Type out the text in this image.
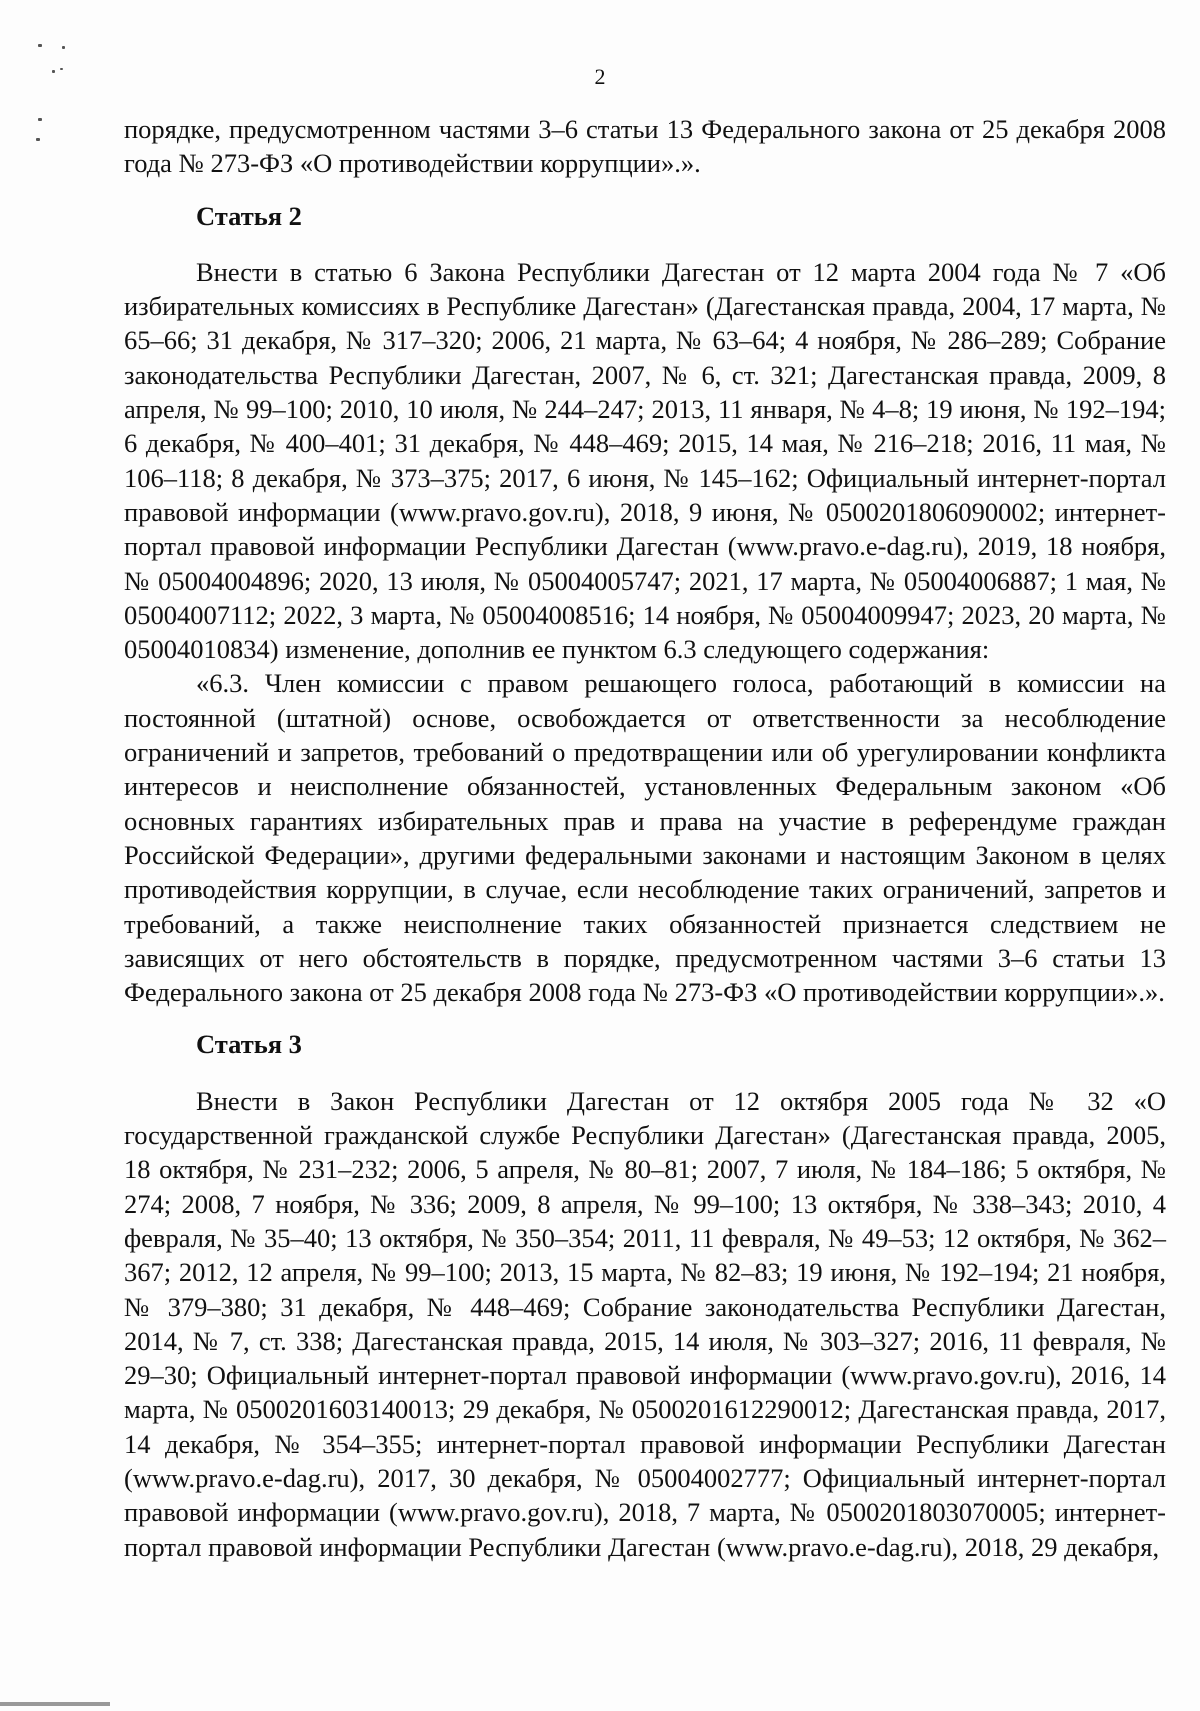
2

порядке, предусмотренном частями 3–6 статьи 13 Федерального закона от 25 декабря 2008 года № 273-ФЗ «О противодействии коррупции».».

Статья 2

Внести в статью 6 Закона Республики Дагестан от 12 марта 2004 года № 7 «Об избирательных комиссиях в Республике Дагестан» (Дагестанская правда, 2004, 17 марта, № 65–66; 31 декабря, № 317–320; 2006, 21 марта, № 63–64; 4 ноября, № 286–289; Собрание законодательства Республики Дагестан, 2007, № 6, ст. 321; Дагестанская правда, 2009, 8 апреля, № 99–100; 2010, 10 июля, № 244–247; 2013, 11 января, № 4–8; 19 июня, № 192–194; 6 декабря, № 400–401; 31 декабря, № 448–469; 2015, 14 мая, № 216–218; 2016, 11 мая, № 106–118; 8 декабря, № 373–375; 2017, 6 июня, № 145–162; Официальный интернет-портал правовой информации (www.pravo.gov.ru), 2018, 9 июня, № 0500201806090002; интернет-портал правовой информации Республики Дагестан (www.pravo.e-dag.ru), 2019, 18 ноября, № 05004004896; 2020, 13 июля, № 05004005747; 2021, 17 марта, № 05004006887; 1 мая, № 05004007112; 2022, 3 марта, № 05004008516; 14 ноября, № 05004009947; 2023, 20 марта, № 05004010834) изменение, дополнив ее пунктом 6.3 следующего содержания:

«6.3. Член комиссии с правом решающего голоса, работающий в комиссии на постоянной (штатной) основе, освобождается от ответственности за несоблюдение ограничений и запретов, требований о предотвращении или об урегулировании конфликта интересов и неисполнение обязанностей, установленных Федеральным законом «Об основных гарантиях избирательных прав и права на участие в референдуме граждан Российской Федерации», другими федеральными законами и настоящим Законом в целях противодействия коррупции, в случае, если несоблюдение таких ограничений, запретов и требований, а также неисполнение таких обязанностей признается следствием не зависящих от него обстоятельств в порядке, предусмотренном частями 3–6 статьи 13 Федерального закона от 25 декабря 2008 года № 273-ФЗ «О противодействии коррупции».».

Статья 3

Внести в Закон Республики Дагестан от 12 октября 2005 года № 32 «О государственной гражданской службе Республики Дагестан» (Дагестанская правда, 2005, 18 октября, № 231–232; 2006, 5 апреля, № 80–81; 2007, 7 июля, № 184–186; 5 октября, № 274; 2008, 7 ноября, № 336; 2009, 8 апреля, № 99–100; 13 октября, № 338–343; 2010, 4 февраля, № 35–40; 13 октября, № 350–354; 2011, 11 февраля, № 49–53; 12 октября, № 362–367; 2012, 12 апреля, № 99–100; 2013, 15 марта, № 82–83; 19 июня, № 192–194; 21 ноября, № 379–380; 31 декабря, № 448–469; Собрание законодательства Республики Дагестан, 2014, № 7, ст. 338; Дагестанская правда, 2015, 14 июля, № 303–327; 2016, 11 февраля, № 29–30; Официальный интернет-портал правовой информации (www.pravo.gov.ru), 2016, 14 марта, № 0500201603140013; 29 декабря, № 0500201612290012; Дагестанская правда, 2017, 14 декабря, № 354–355; интернет-портал правовой информации Республики Дагестан (www.pravo.e-dag.ru), 2017, 30 декабря, № 05004002777; Официальный интернет-портал правовой информации (www.pravo.gov.ru), 2018, 7 марта, № 0500201803070005; интернет-портал правовой информации Республики Дагестан (www.pravo.e-dag.ru), 2018, 29 декабря,
